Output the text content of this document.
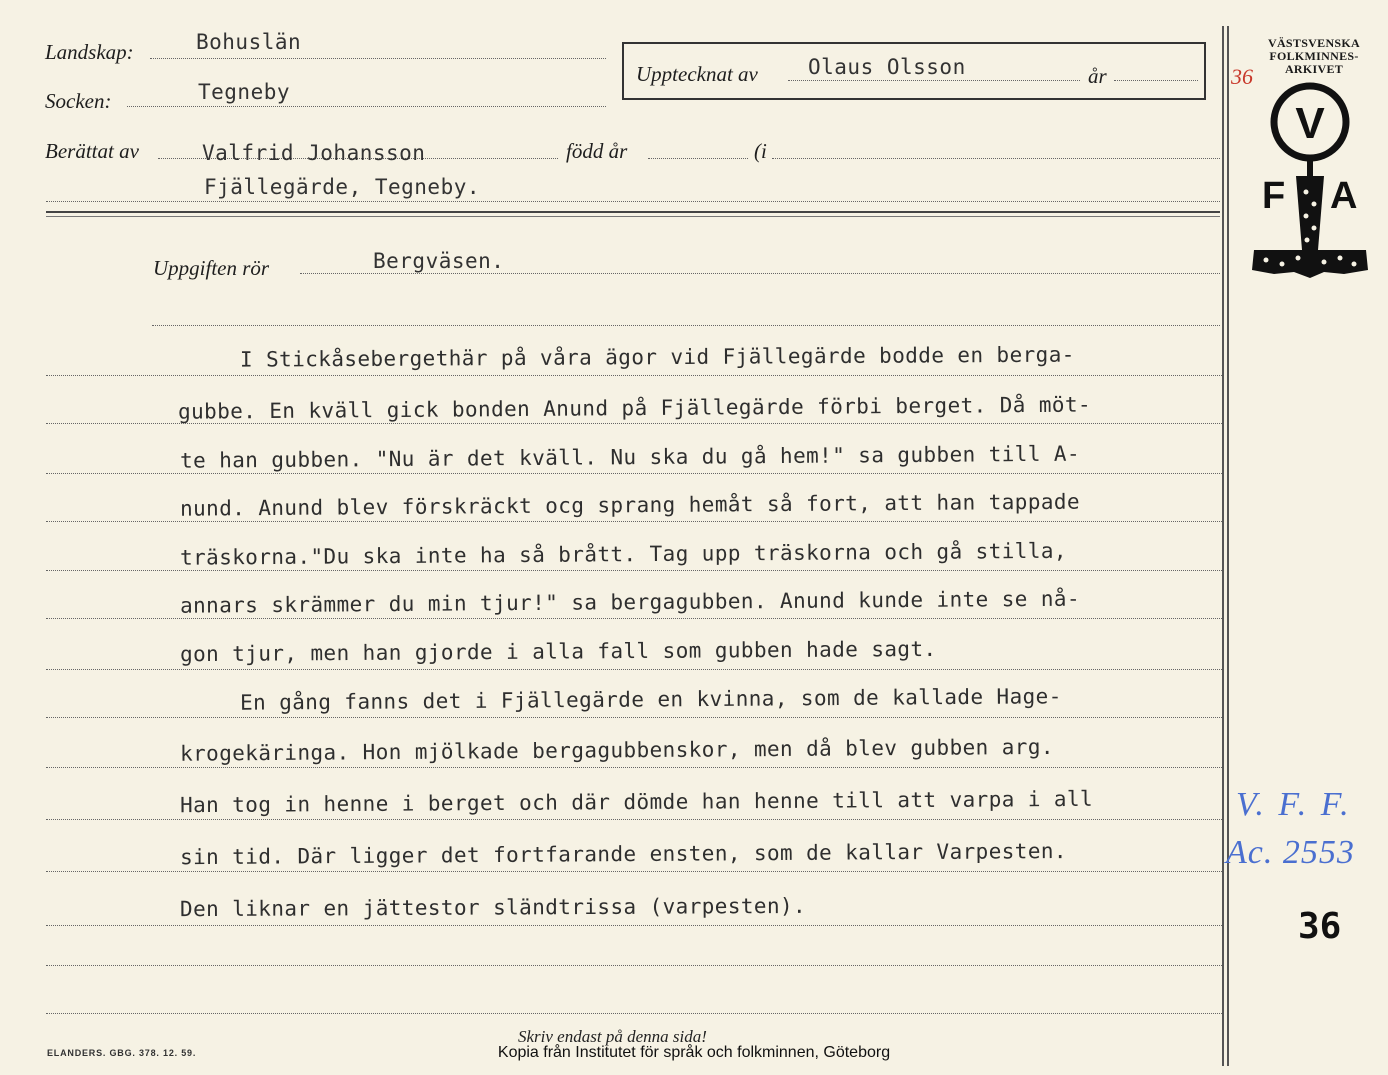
Landskap:	Bohuslän
Socken:	Tegneby
Upptecknat av Olaus Olsson	år
Berättat av	Valfrid Johansson	född år	(i
Fjällegärde, Tegneby.
Uppgiften rör	Bergväsen.
I Stickåsebergethär på våra ägor vid Fjällegärde bodde en berga-
gubbe. En kväll gick bonden Anund på Fjällegärde förbi berget. Då möt-
te han gubben. "Nu är det kväll. Nu ska du gå hem!" sa gubben till A-
nund. Anund blev förskräckt ocg sprang hemåt så fort, att han tappade
träskorna."Du ska inte ha så brått. Tag upp träskorna och gå stilla,
annars skrämmer du min tjur!" sa bergagubben. Anund kunde inte se nå-
gon tjur, men han gjorde i alla fall som gubben hade sagt.
En gång fanns det i Fjällegärde en kvinna, som de kallade Hage-
krogekäringa. Hon mjölkade bergagubbenskor, men då blev gubben arg.
Han tog in henne i berget och där dömde han henne till att varpa i all
sin tid. Där ligger det fortfarande ensten, som de kallar Varpesten.
Den liknar en jättestor sländtrissa (varpesten).
VÄSTSVENSKA
FOLKMINNES-
ARKIVET
V
F A
36
V. F. F.
Ac. 2553
36
Skriv endast på denna sida!
ELANDERS. GBG. 378. 12. 59.	Kopia från Institutet för språk och folkminnen, Göteborg
